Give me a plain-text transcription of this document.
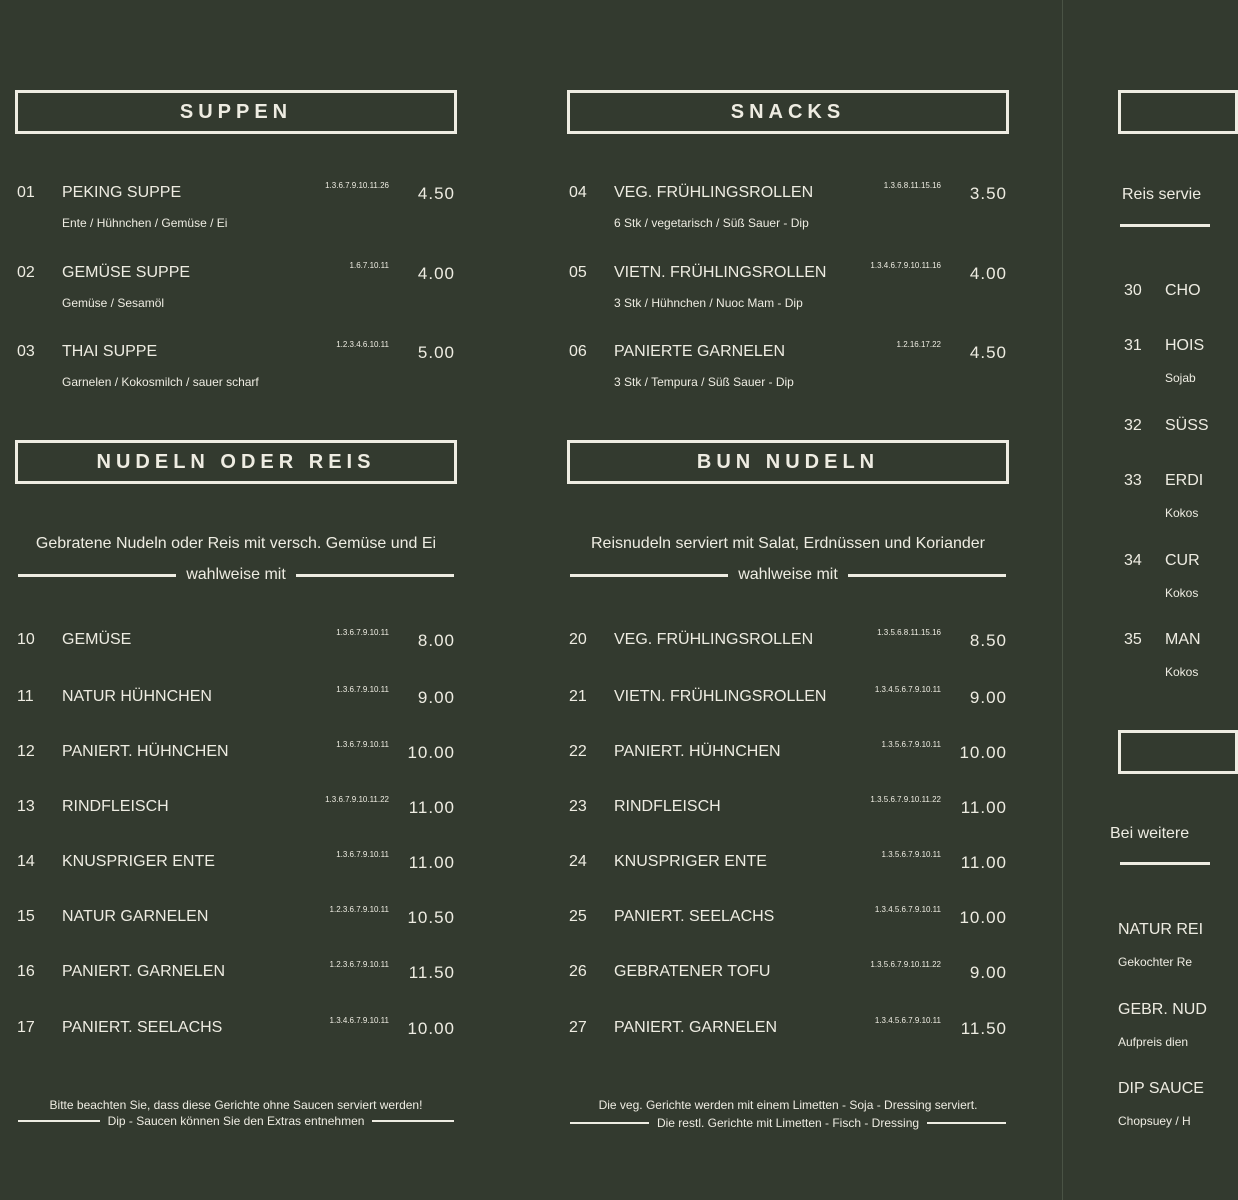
SUPPEN
01 PEKING SUPPE	1.3.6.7.9.10.11.26 4.50
Ente / Hühnchen / Gemüse / Ei
02 GEMÜSE SUPPE	1.6.7.10.11 4.00
Gemüse / Sesamöl
03 THAI SUPPE	1.2.3.4.6.10.11 5.00
Garnelen / Kokosmilch / sauer scharf
NUDELN ODER REIS
Gebratene Nudeln oder Reis mit versch. Gemüse und Ei
wahlweise mit
10 GEMÜSE	1.3.6.7.9.10.11 8.00
11 NATUR HÜHNCHEN	1.3.6.7.9.10.11 9.00
12 PANIERT. HÜHNCHEN	1.3.6.7.9.10.11 10.00
13 RINDFLEISCH	1.3.6.7.9.10.11.22 11.00
14 KNUSPRIGER ENTE	1.3.6.7.9.10.11 11.00
15 NATUR GARNELEN	1.2.3.6.7.9.10.11 10.50
16 PANIERT. GARNELEN	1.2.3.6.7.9.10.11 11.50
17 PANIERT. SEELACHS	1.3.4.6.7.9.10.11 10.00
Bitte beachten Sie, dass diese Gerichte ohne Saucen serviert werden!
Dip - Saucen können Sie den Extras entnehmen
SNACKS
04 VEG. FRÜHLINGSROLLEN	1.3.6.8.11.15.16 3.50
6 Stk / vegetarisch / Süß Sauer - Dip
05 VIETN. FRÜHLINGSROLLEN	1.3.4.6.7.9.10.11.16 4.00
3 Stk / Hühnchen / Nuoc Mam - Dip
06 PANIERTE GARNELEN	1.2.16.17.22 4.50
3 Stk / Tempura / Süß Sauer - Dip
BUN NUDELN
Reisnudeln serviert mit Salat, Erdnüssen und Koriander
wahlweise mit
20 VEG. FRÜHLINGSROLLEN	1.3.5.6.8.11.15.16 8.50
21 VIETN. FRÜHLINGSROLLEN	1.3.4.5.6.7.9.10.11 9.00
22 PANIERT. HÜHNCHEN	1.3.5.6.7.9.10.11 10.00
23 RINDFLEISCH	1.3.5.6.7.9.10.11.22 11.00
24 KNUSPRIGER ENTE	1.3.5.6.7.9.10.11 11.00
25 PANIERT. SEELACHS	1.3.4.5.6.7.9.10.11 10.00
26 GEBRATENER TOFU	1.3.5.6.7.9.10.11.22 9.00
27 PANIERT. GARNELEN	1.3.4.5.6.7.9.10.11 11.50
Die veg. Gerichte werden mit einem Limetten - Soja - Dressing serviert.
Die restl. Gerichte mit Limetten - Fisch - Dressing
Reis servie
30 CHO
31 HOIS
Sojab
32 SÜSS
33 ERDI
Kokos
34 CUR
Kokos
35 MAN
Kokos
Bei weitere
NATUR REI
Gekochter Re
GEBR. NUD
Aufpreis dien
DIP SAUCE
Chopsuey / H
